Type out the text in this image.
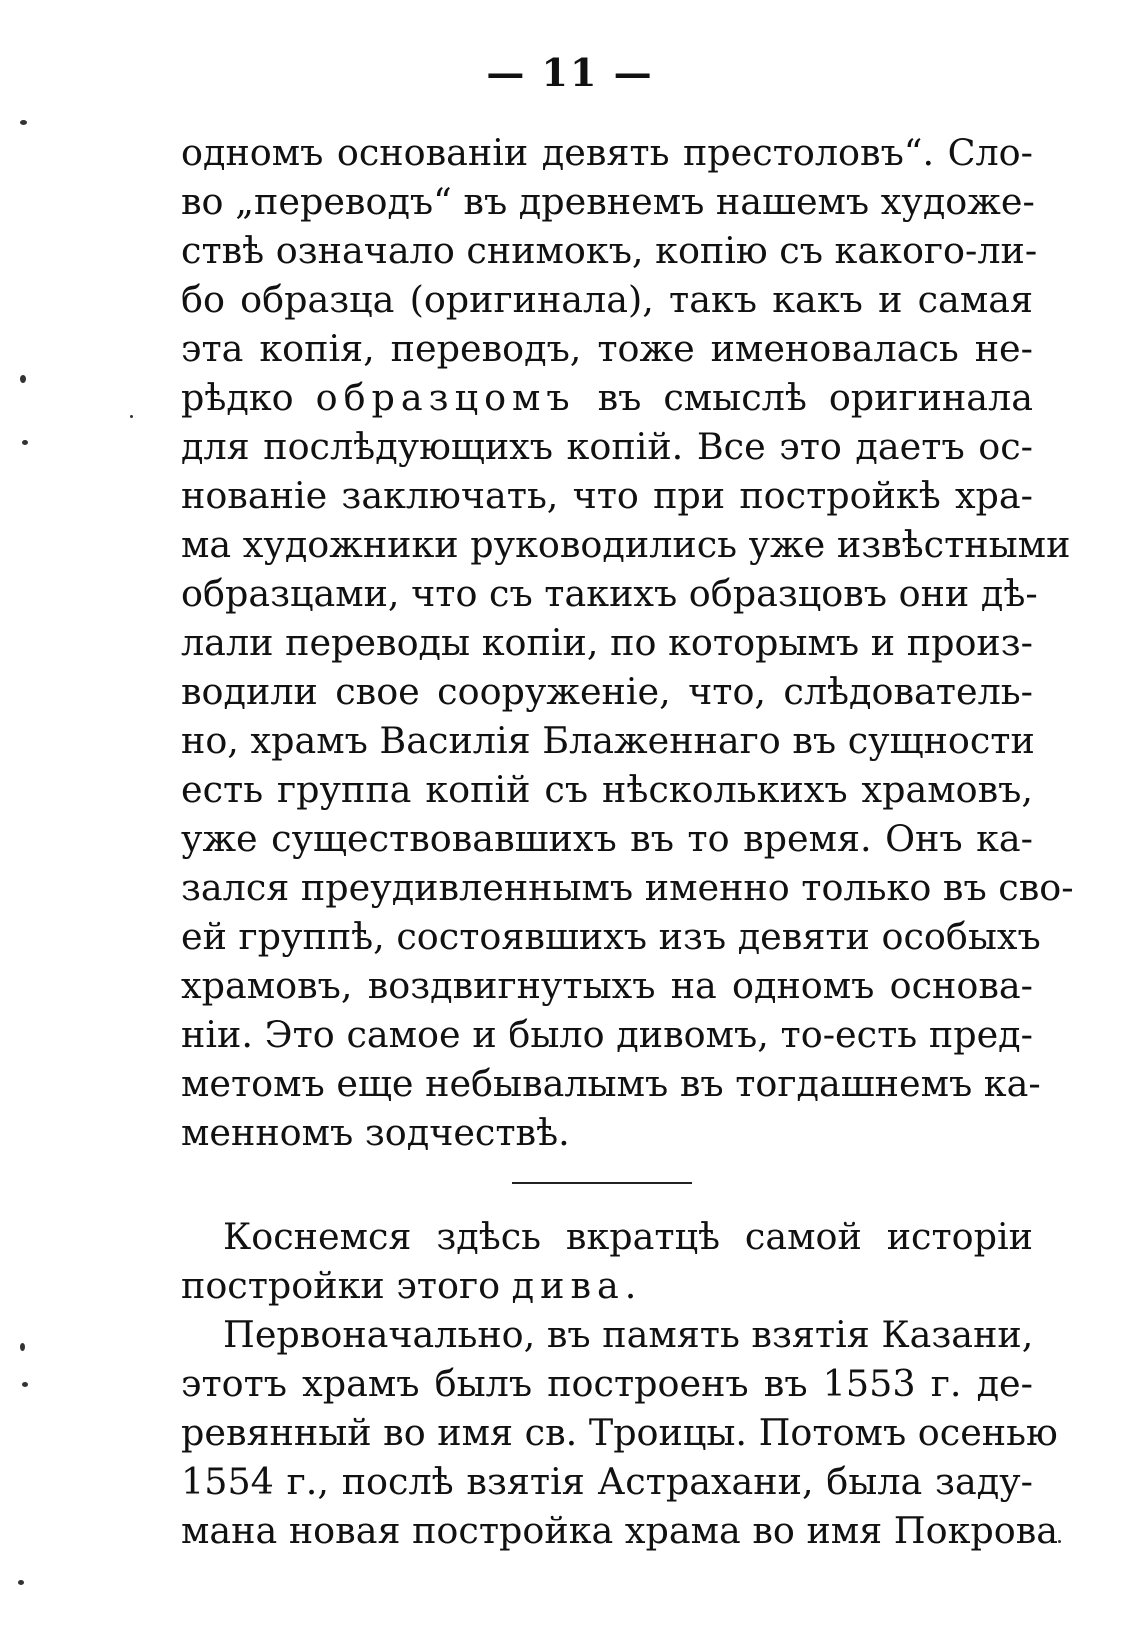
— 11 —
одномъ основанiи девять престоловъ“. Сло-
во „переводъ“ въ древнемъ нашемъ художе-
ствѣ означало снимокъ, копiю съ какого-ли-
бо образца (оригинала), такъ какъ и самая
эта копiя, переводъ, тоже именовалась не-
рѣдко образцомъ въ смыслѣ оригинала
для послѣдующихъ копiй. Все это даетъ ос-
нованiе заключать, что при постройкѣ хра-
ма художники руководились уже извѣстными
образцами, что съ такихъ образцовъ они дѣ-
лали переводы копiи, по которымъ и произ-
водили свое сооруженiе, что, слѣдователь-
но, храмъ Василiя Блаженнаго въ сущности
есть группа копiй съ нѣсколькихъ храмовъ,
уже существовавшихъ въ то время. Онъ ка-
зался преудивленнымъ именно только въ сво-
ей группѣ, состоявшихъ изъ девяти особыхъ
храмовъ, воздвигнутыхъ на одномъ основа-
нiи. Это самое и было дивомъ, то-есть пред-
метомъ еще небывалымъ въ тогдашнемъ ка-
менномъ зодчествѣ.
Коснемся здѣсь вкратцѣ самой исторiи
постройки этого дива.
Первоначально, въ память взятiя Казани,
этотъ храмъ былъ построенъ въ 1553 г. де-
ревянный во имя св. Троицы. Потомъ осенью
1554 г., послѣ взятiя Астрахани, была заду-
мана новая постройка храма во имя Покрова
